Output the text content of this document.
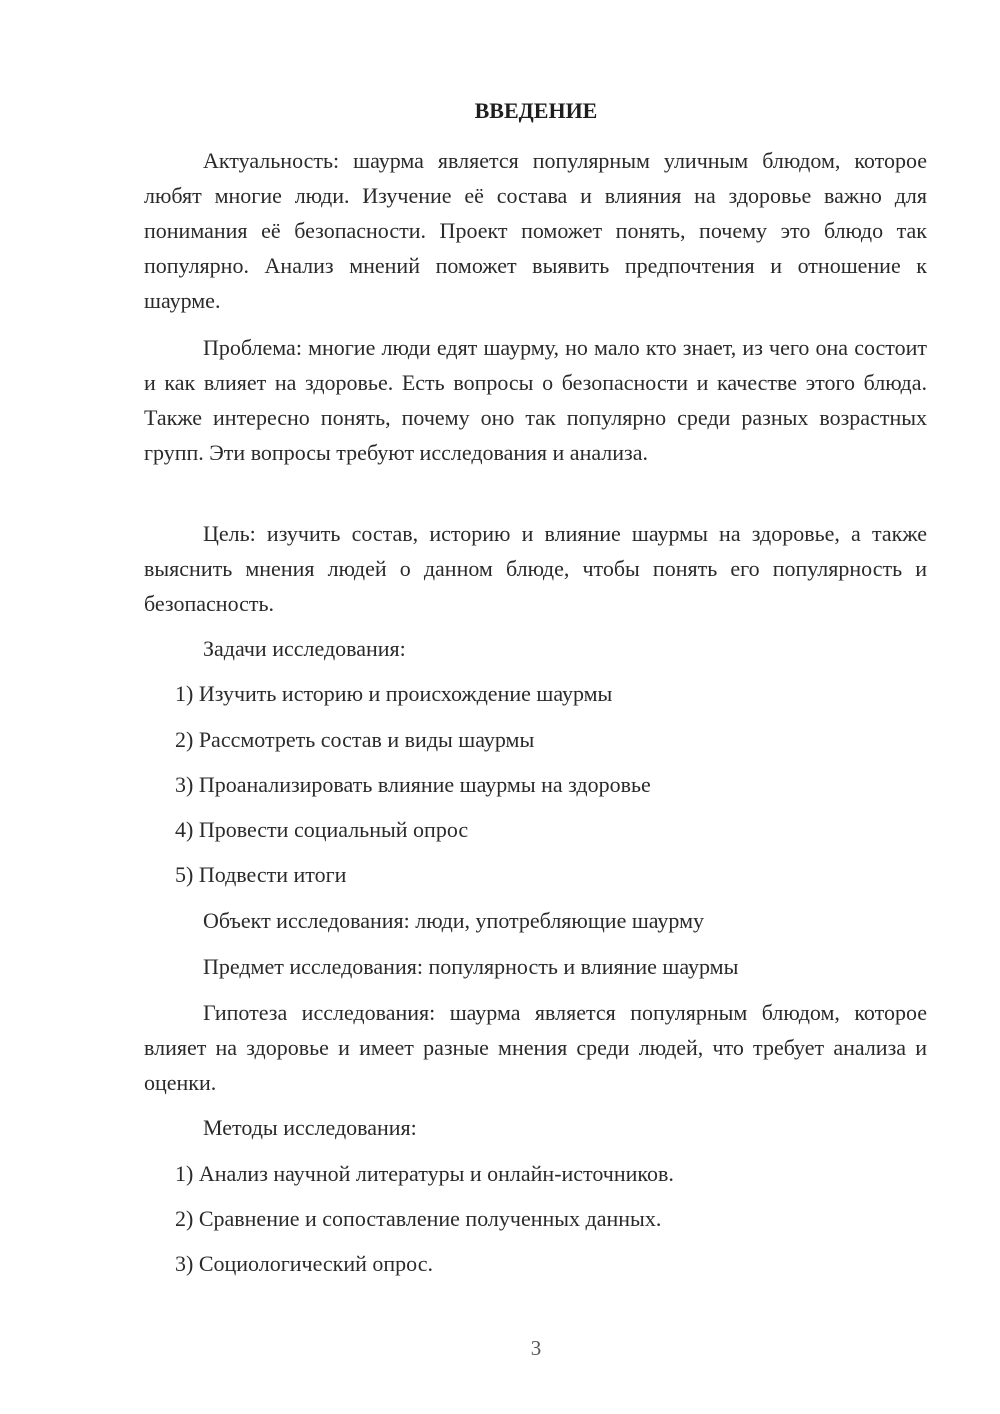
ВВЕДЕНИЕ

Актуальность: шаурма является популярным уличным блюдом, которое любят многие люди. Изучение её состава и влияния на здоровье важно для понимания её безопасности. Проект поможет понять, почему это блюдо так популярно. Анализ мнений поможет выявить предпочтения и отношение к шаурме.

Проблема: многие люди едят шаурму, но мало кто знает, из чего она состоит и как влияет на здоровье. Есть вопросы о безопасности и качестве этого блюда. Также интересно понять, почему оно так популярно среди разных возрастных групп. Эти вопросы требуют исследования и анализа.

Цель: изучить состав, историю и влияние шаурмы на здоровье, а также выяснить мнения людей о данном блюде, чтобы понять его популярность и безопасность.

Задачи исследования:
1) Изучить историю и происхождение шаурмы
2) Рассмотреть состав и виды шаурмы
3) Проанализировать влияние шаурмы на здоровье
4) Провести социальный опрос
5) Подвести итоги
Объект исследования: люди, употребляющие шаурму
Предмет исследования: популярность и влияние шаурмы

Гипотеза исследования: шаурма является популярным блюдом, которое влияет на здоровье и имеет разные мнения среди людей, что требует анализа и оценки.

Методы исследования:
1) Анализ научной литературы и онлайн-источников.
2) Сравнение и сопоставление полученных данных.
3) Социологический опрос.
3
